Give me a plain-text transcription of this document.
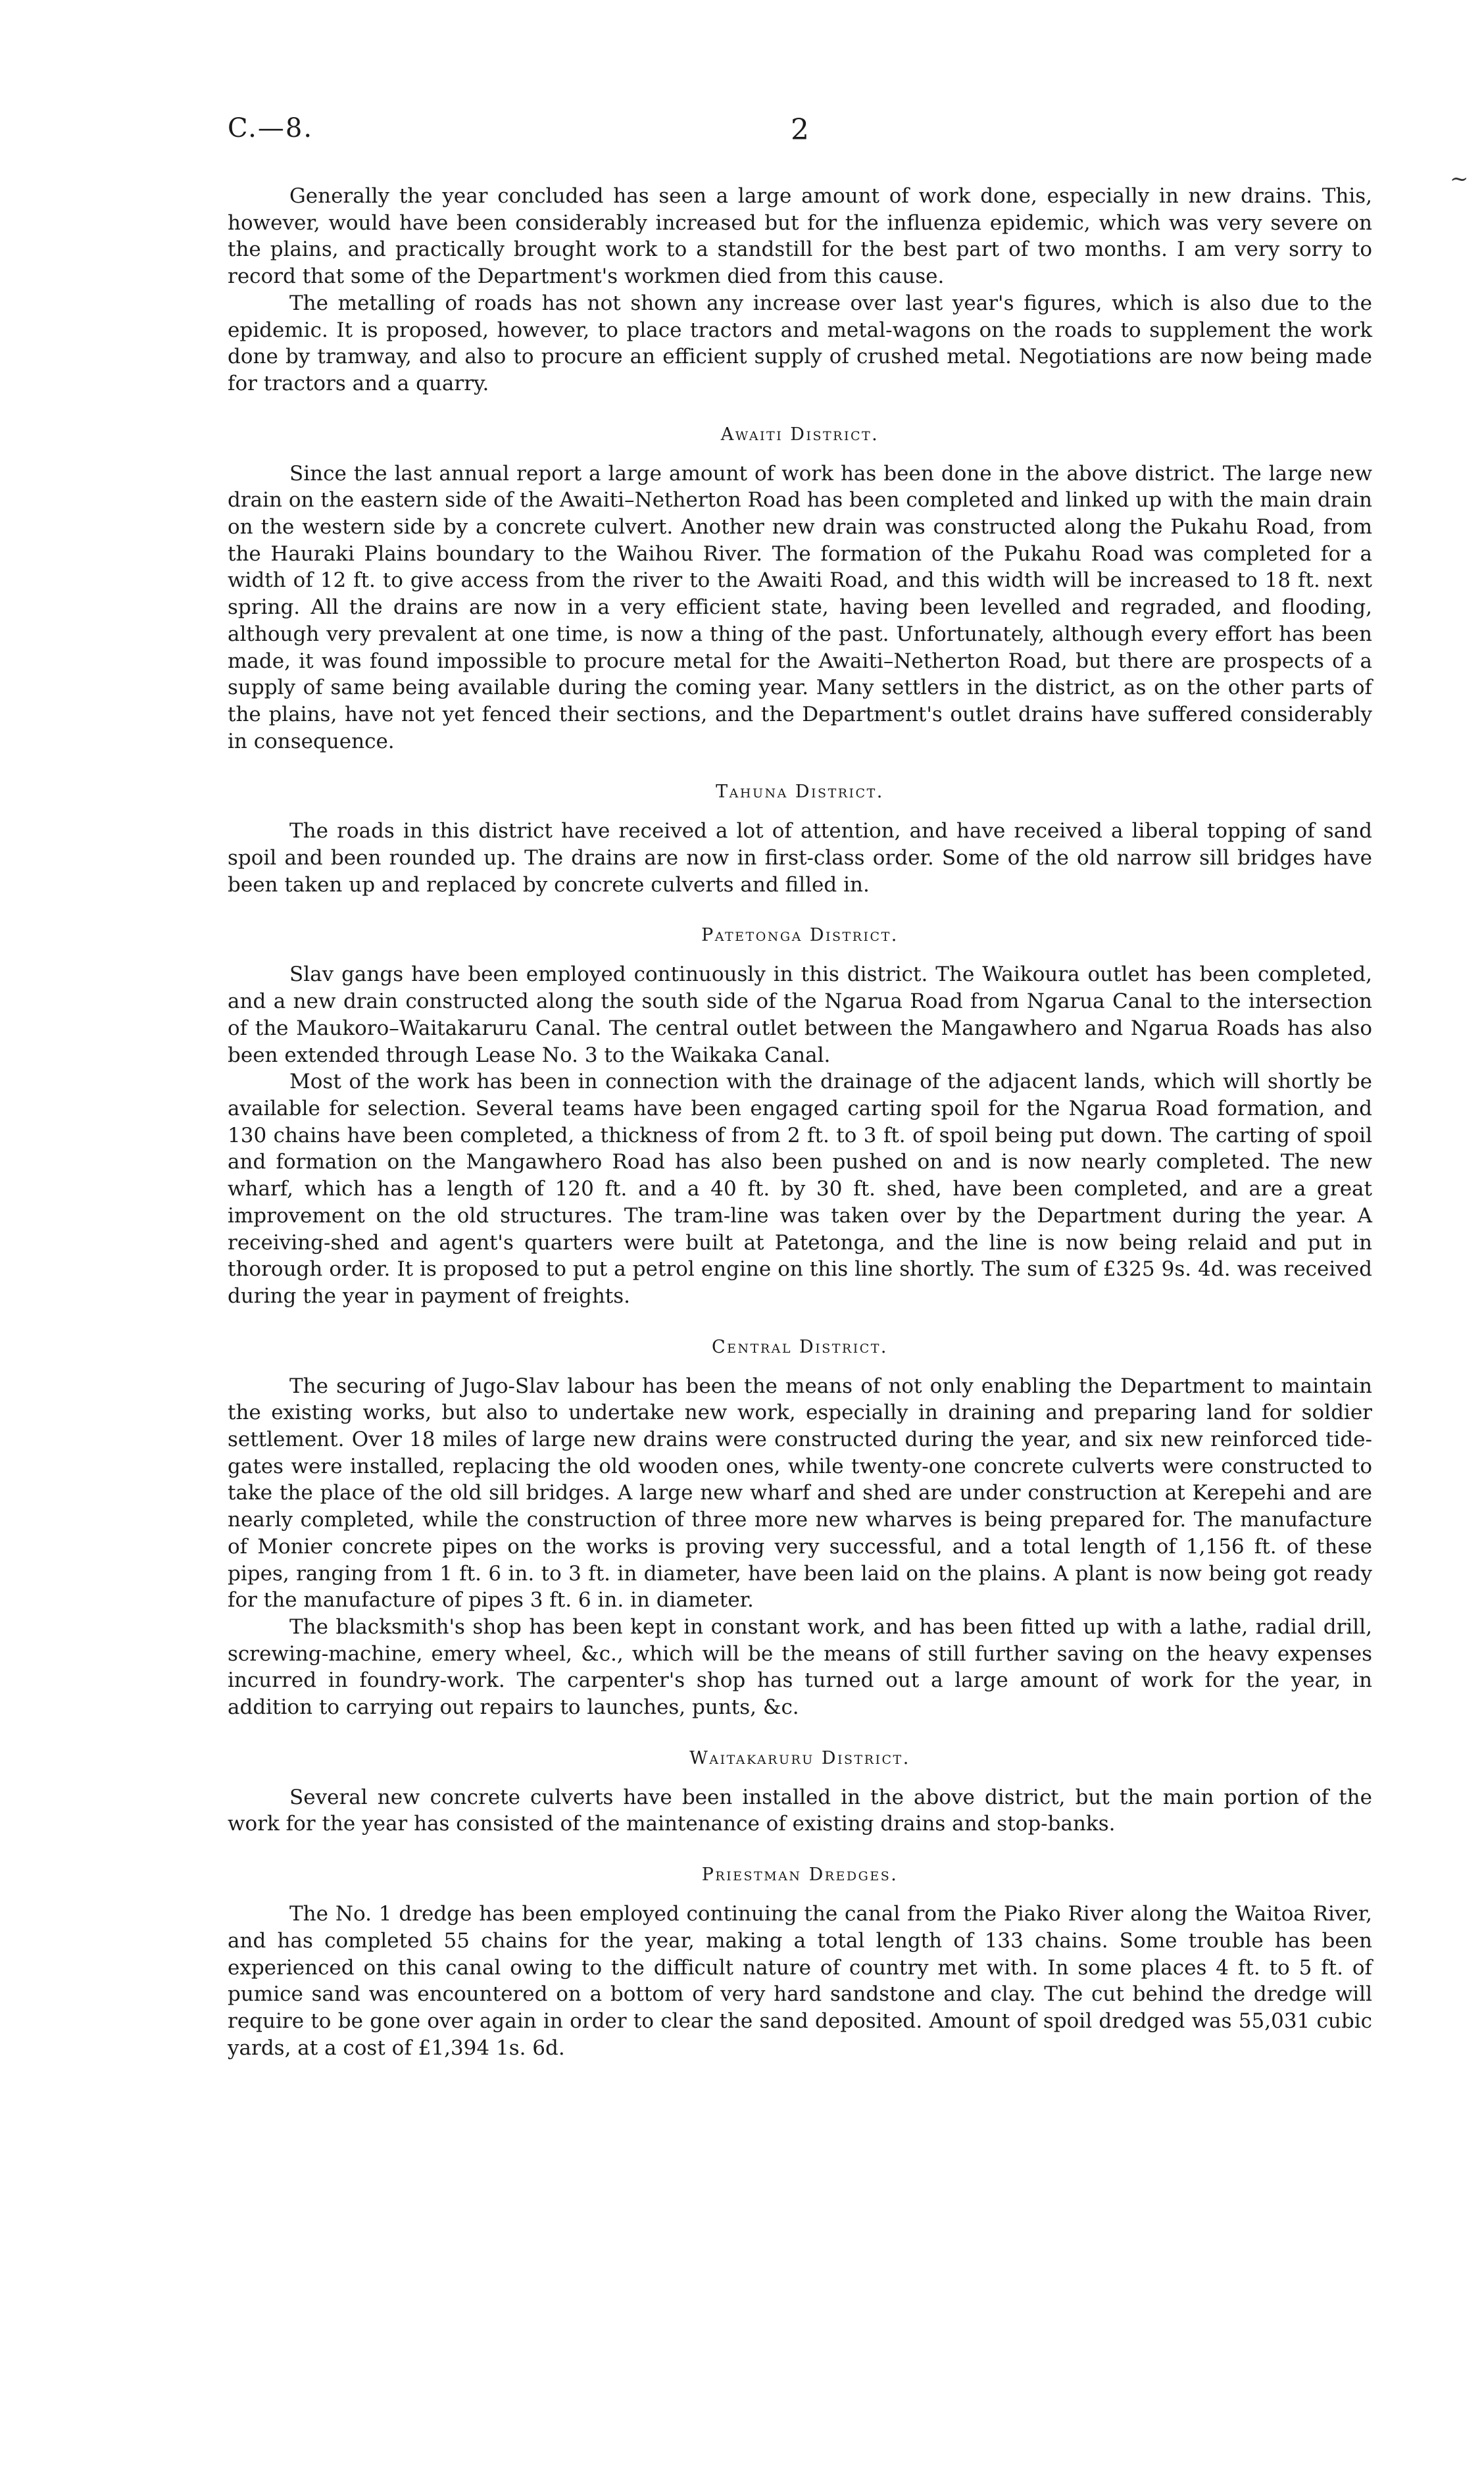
C.—8.	2
~

Generally the year concluded has seen a large amount of work done, especially in new drains. This, however, would have been considerably increased but for the influenza epidemic, which was very severe on the plains, and practically brought work to a standstill for the best part of two months. I am very sorry to record that some of the Department's workmen died from this cause.

The metalling of roads has not shown any increase over last year's figures, which is also due to the epidemic. It is proposed, however, to place tractors and metal-wagons on the roads to supplement the work done by tramway, and also to procure an efficient supply of crushed metal. Negotiations are now being made for tractors and a quarry.

Awaiti District.

Since the last annual report a large amount of work has been done in the above district. The large new drain on the eastern side of the Awaiti–Netherton Road has been completed and linked up with the main drain on the western side by a concrete culvert. Another new drain was constructed along the Pukahu Road, from the Hauraki Plains boundary to the Waihou River. The formation of the Pukahu Road was completed for a width of 12 ft. to give access from the river to the Awaiti Road, and this width will be increased to 18 ft. next spring. All the drains are now in a very efficient state, having been levelled and regraded, and flooding, although very prevalent at one time, is now a thing of the past. Unfortunately, although every effort has been made, it was found impossible to procure metal for the Awaiti–Netherton Road, but there are prospects of a supply of same being available during the coming year. Many settlers in the district, as on the other parts of the plains, have not yet fenced their sections, and the Department's outlet drains have suffered considerably in consequence.

Tahuna District.

The roads in this district have received a lot of attention, and have received a liberal topping of sand spoil and been rounded up. The drains are now in first-class order. Some of the old narrow sill bridges have been taken up and replaced by concrete culverts and filled in.

Patetonga District.

Slav gangs have been employed continuously in this district. The Waikoura outlet has been completed, and a new drain constructed along the south side of the Ngarua Road from Ngarua Canal to the intersection of the Maukoro–Waitakaruru Canal. The central outlet between the Mangawhero and Ngarua Roads has also been extended through Lease No. 3 to the Waikaka Canal.

Most of the work has been in connection with the drainage of the adjacent lands, which will shortly be available for selection. Several teams have been engaged carting spoil for the Ngarua Road formation, and 130 chains have been completed, a thickness of from 2 ft. to 3 ft. of spoil being put down. The carting of spoil and formation on the Mangawhero Road has also been pushed on and is now nearly completed. The new wharf, which has a length of 120 ft. and a 40 ft. by 30 ft. shed, have been completed, and are a great improvement on the old structures. The tram-line was taken over by the Department during the year. A receiving-shed and agent's quarters were built at Patetonga, and the line is now being relaid and put in thorough order. It is proposed to put a petrol engine on this line shortly. The sum of £325 9s. 4d. was received during the year in payment of freights.

Central District.

The securing of Jugo-Slav labour has been the means of not only enabling the Department to maintain the existing works, but also to undertake new work, especially in draining and preparing land for soldier settlement. Over 18 miles of large new drains were constructed during the year, and six new reinforced tide-gates were installed, replacing the old wooden ones, while twenty-one concrete culverts were constructed to take the place of the old sill bridges. A large new wharf and shed are under construction at Kerepehi and are nearly completed, while the construction of three more new wharves is being prepared for. The manufacture of Monier concrete pipes on the works is proving very successful, and a total length of 1,156 ft. of these pipes, ranging from 1 ft. 6 in. to 3 ft. in diameter, have been laid on the plains. A plant is now being got ready for the manufacture of pipes 3 ft. 6 in. in diameter.

The blacksmith's shop has been kept in constant work, and has been fitted up with a lathe, radial drill, screwing-machine, emery wheel, &c., which will be the means of still further saving on the heavy expenses incurred in foundry-work. The carpenter's shop has turned out a large amount of work for the year, in addition to carrying out repairs to launches, punts, &c.

Waitakaruru District.

Several new concrete culverts have been installed in the above district, but the main portion of the work for the year has consisted of the maintenance of existing drains and stop-banks.

Priestman Dredges.

The No. 1 dredge has been employed continuing the canal from the Piako River along the Waitoa River, and has completed 55 chains for the year, making a total length of 133 chains. Some trouble has been experienced on this canal owing to the difficult nature of country met with. In some places 4 ft. to 5 ft. of pumice sand was encountered on a bottom of very hard sandstone and clay. The cut behind the dredge will require to be gone over again in order to clear the sand deposited. Amount of spoil dredged was 55,031 cubic yards, at a cost of £1,394 1s. 6d.
